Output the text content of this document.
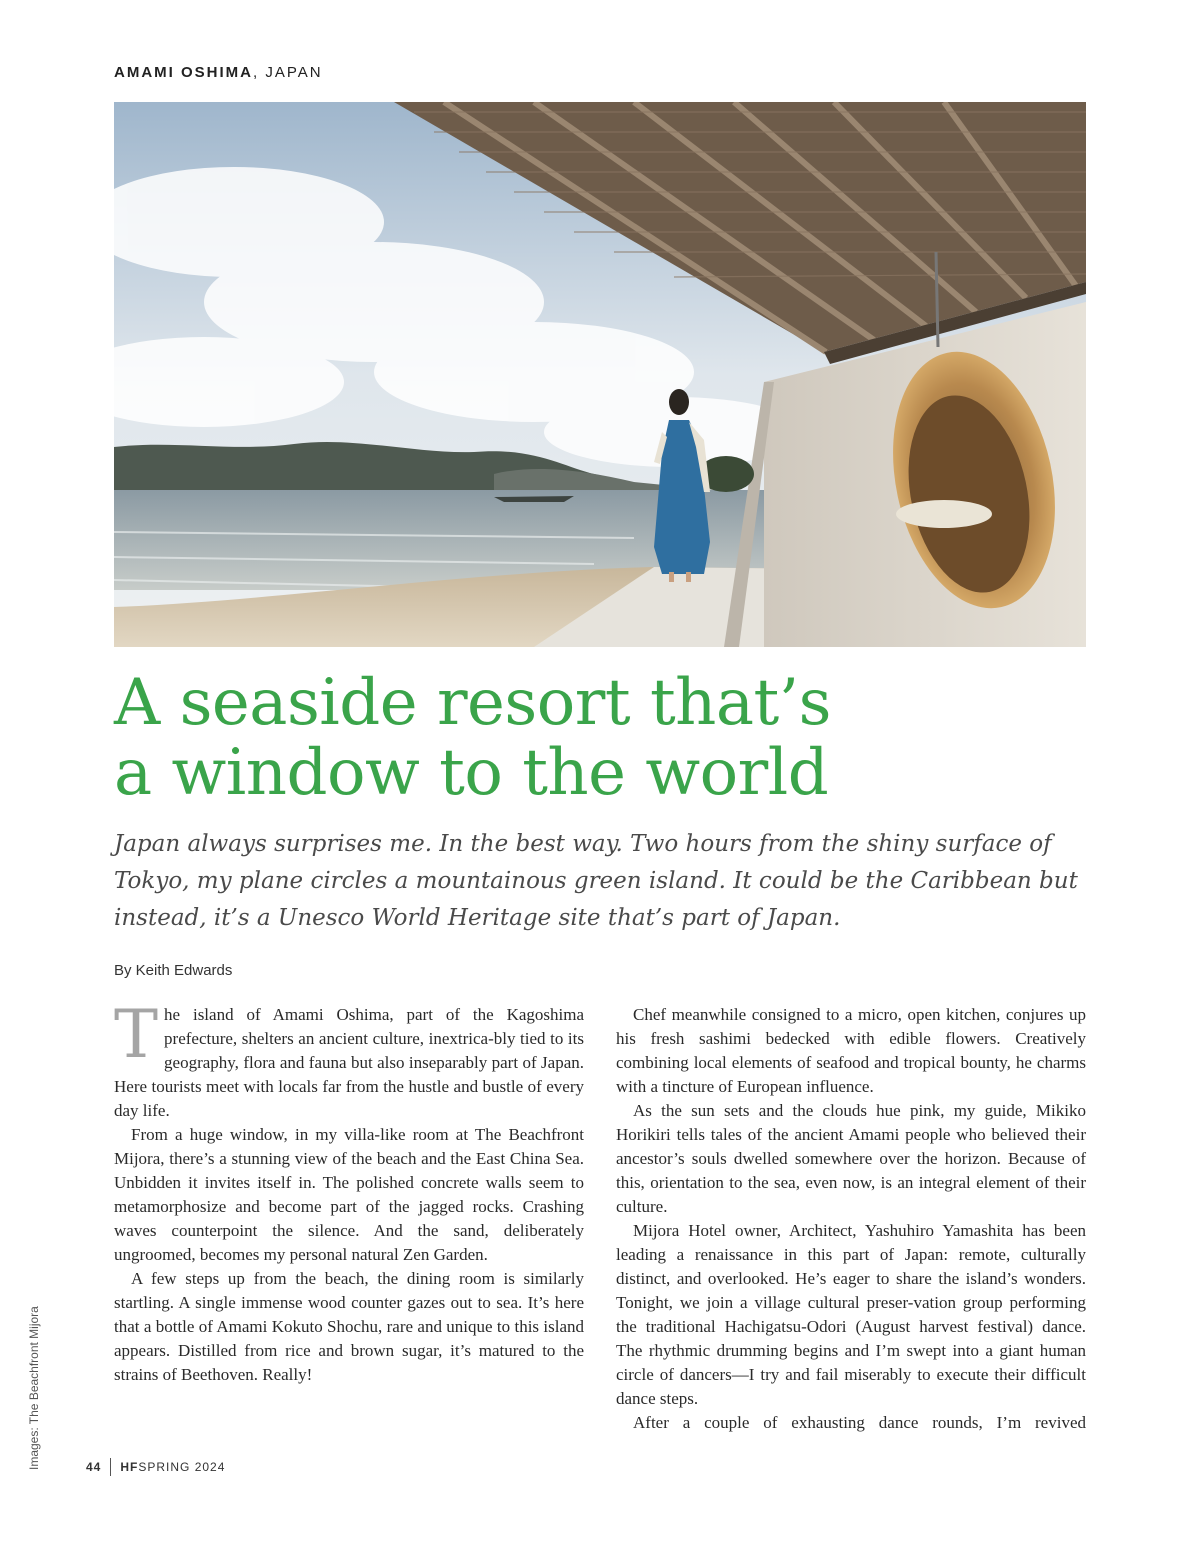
AMAMI OSHIMA, JAPAN
A seaside resort that’s
a window to the world

Japan always surprises me. In the best way. Two hours from the shiny surface of Tokyo, my plane circles a mountainous green island. It could be the Caribbean but instead, it’s a Unesco World Heritage site that’s part of Japan.

By Keith Edwards

The island of Amami Oshima, part of the Kagoshima prefecture, shelters an ancient culture, inextrica-bly tied to its geography, flora and fauna but also inseparably part of Japan. Here tourists meet with locals far from the hustle and bustle of every day life.

From a huge window, in my villa-like room at The Beachfront Mijora, there’s a stunning view of the beach and the East China Sea. Unbidden it invites itself in. The polished concrete walls seem to metamorphosize and become part of the jagged rocks. Crashing waves counterpoint the silence. And the sand, deliberately ungroomed, becomes my personal natural Zen Garden.

A few steps up from the beach, the dining room is similarly startling. A single immense wood counter gazes out to sea. It’s here that a bottle of Amami Kokuto Shochu, rare and unique to this island appears. Distilled from rice and brown sugar, it’s matured to the strains of Beethoven. Really!

Chef meanwhile consigned to a micro, open kitchen, conjures up his fresh sashimi bedecked with edible flowers. Creatively combining local elements of seafood and tropical bounty, he charms with a tincture of European influence.

As the sun sets and the clouds hue pink, my guide, Mikiko Horikiri tells tales of the ancient Amami people who believed their ancestor’s souls dwelled somewhere over the horizon. Because of this, orientation to the sea, even now, is an integral element of their culture.

Mijora Hotel owner, Architect, Yashuhiro Yamashita has been leading a renaissance in this part of Japan: remote, culturally distinct, and overlooked. He’s eager to share the island’s wonders. Tonight, we join a village cultural preser-vation group performing the traditional Hachigatsu-Odori (August harvest festival) dance. The rhythmic drumming begins and I’m swept into a giant human circle of dancers—I try and fail miserably to execute their difficult dance steps.

After a couple of exhausting dance rounds, I’m revived

Images: The Beachfront Mijora	44 HF SPRING 2024
